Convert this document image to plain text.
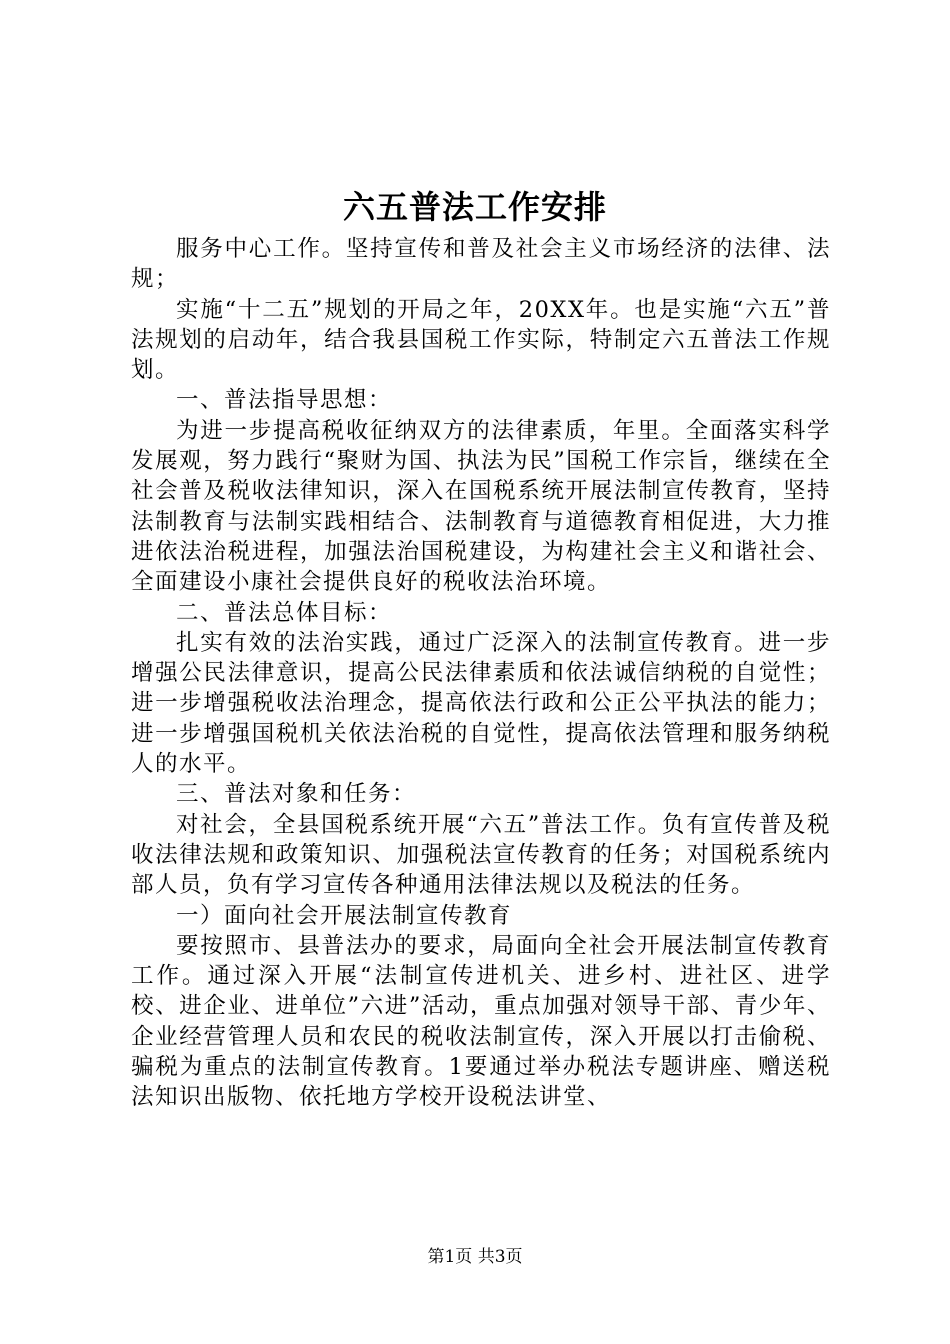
六五普法工作安排

服务中心工作。坚持宣传和普及社会主义市场经济的法律、法规；

实施“十二五”规划的开局之年，20XX年。也是实施“六五”普法规划的启动年，结合我县国税工作实际，特制定六五普法工作规划。

一、普法指导思想：

为进一步提高税收征纳双方的法律素质，年里。全面落实科学发展观，努力践行“聚财为国、执法为民”国税工作宗旨，继续在全社会普及税收法律知识，深入在国税系统开展法制宣传教育，坚持法制教育与法制实践相结合、法制教育与道德教育相促进，大力推进依法治税进程，加强法治国税建设，为构建社会主义和谐社会、全面建设小康社会提供良好的税收法治环境。

二、普法总体目标：

扎实有效的法治实践，通过广泛深入的法制宣传教育。进一步增强公民法律意识，提高公民法律素质和依法诚信纳税的自觉性；进一步增强税收法治理念，提高依法行政和公正公平执法的能力；进一步增强国税机关依法治税的自觉性，提高依法管理和服务纳税人的水平。

三、普法对象和任务：

对社会，全县国税系统开展“六五”普法工作。负有宣传普及税收法律法规和政策知识、加强税法宣传教育的任务；对国税系统内部人员，负有学习宣传各种通用法律法规以及税法的任务。

一）面向社会开展法制宣传教育

要按照市、县普法办的要求，局面向全社会开展法制宣传教育工作。通过深入开展“法制宣传进机关、进乡村、进社区、进学校、进企业、进单位”六进”活动，重点加强对领导干部、青少年、企业经营管理人员和农民的税收法制宣传，深入开展以打击偷税、骗税为重点的法制宣传教育。1要通过举办税法专题讲座、赠送税法知识出版物、依托地方学校开设税法讲堂、

第1页 共3页
